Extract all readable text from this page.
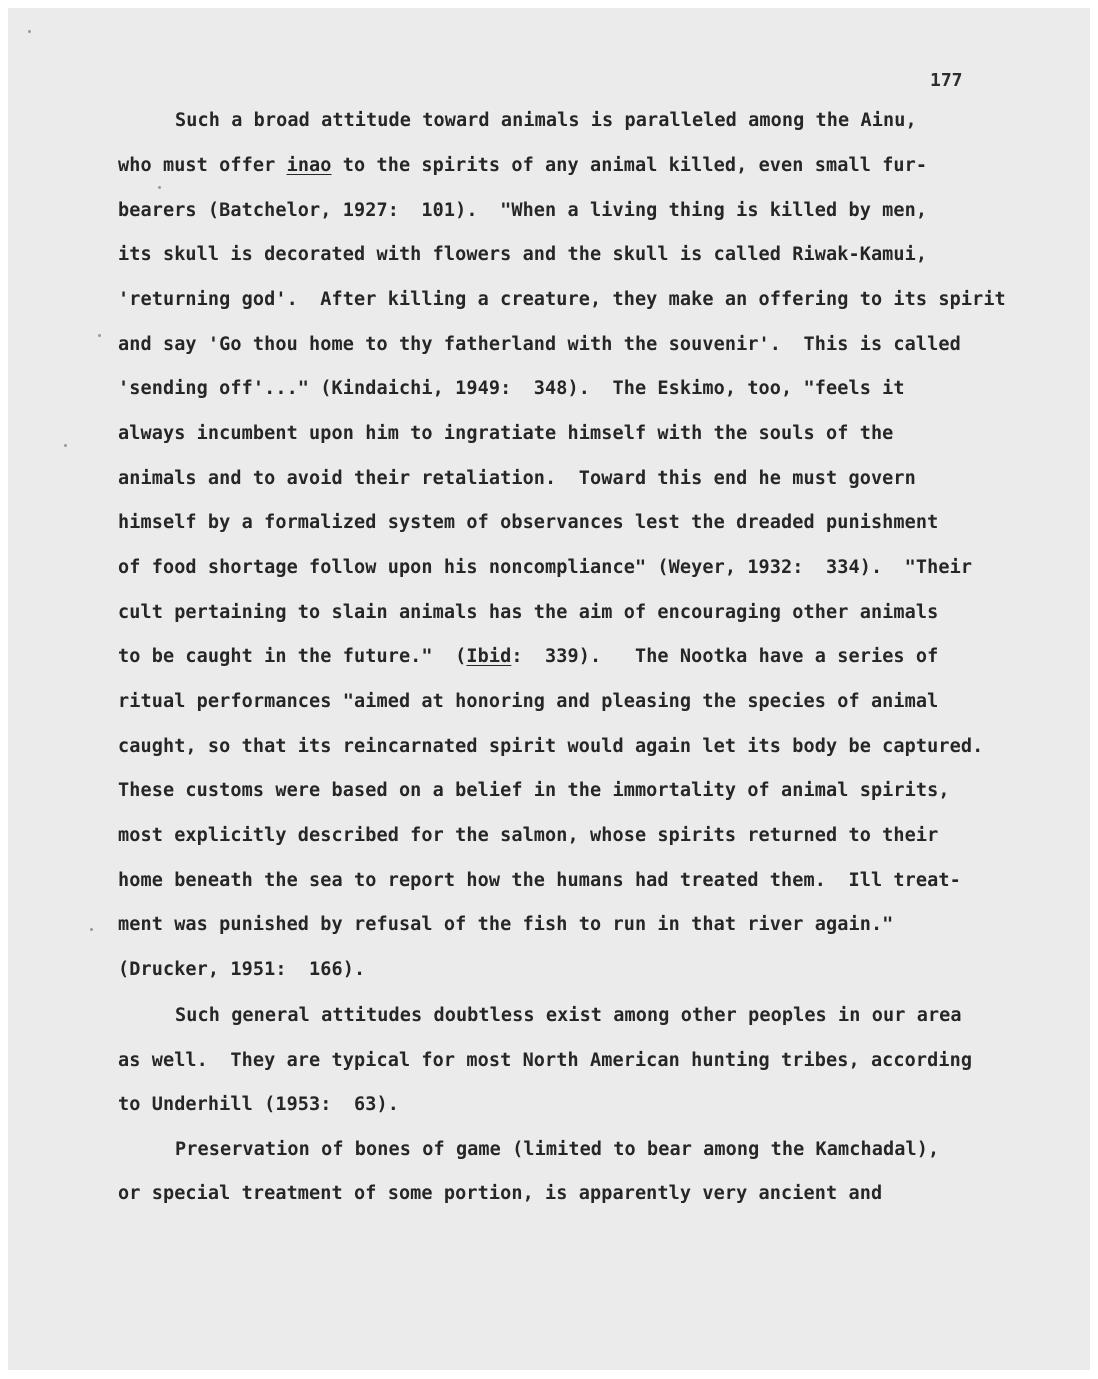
177
Such a broad attitude toward animals is paralleled among the Ainu,
who must offer inao to the spirits of any animal killed, even small fur-
bearers (Batchelor, 1927:  101).  "When a living thing is killed by men,
its skull is decorated with flowers and the skull is called Riwak-Kamui,
'returning god'.  After killing a creature, they make an offering to its spirit
and say 'Go thou home to thy fatherland with the souvenir'.  This is called
'sending off'..." (Kindaichi, 1949:  348).  The Eskimo, too, "feels it
always incumbent upon him to ingratiate himself with the souls of the
animals and to avoid their retaliation.  Toward this end he must govern
himself by a formalized system of observances lest the dreaded punishment
of food shortage follow upon his noncompliance" (Weyer, 1932:  334).  "Their
cult pertaining to slain animals has the aim of encouraging other animals
to be caught in the future."  (Ibid:  339).   The Nootka have a series of
ritual performances "aimed at honoring and pleasing the species of animal
caught, so that its reincarnated spirit would again let its body be captured.
These customs were based on a belief in the immortality of animal spirits,
most explicitly described for the salmon, whose spirits returned to their
home beneath the sea to report how the humans had treated them.  Ill treat-
ment was punished by refusal of the fish to run in that river again."
(Drucker, 1951:  166).
Such general attitudes doubtless exist among other peoples in our area
as well.  They are typical for most North American hunting tribes, according
to Underhill (1953:  63).
Preservation of bones of game (limited to bear among the Kamchadal),
or special treatment of some portion, is apparently very ancient and
